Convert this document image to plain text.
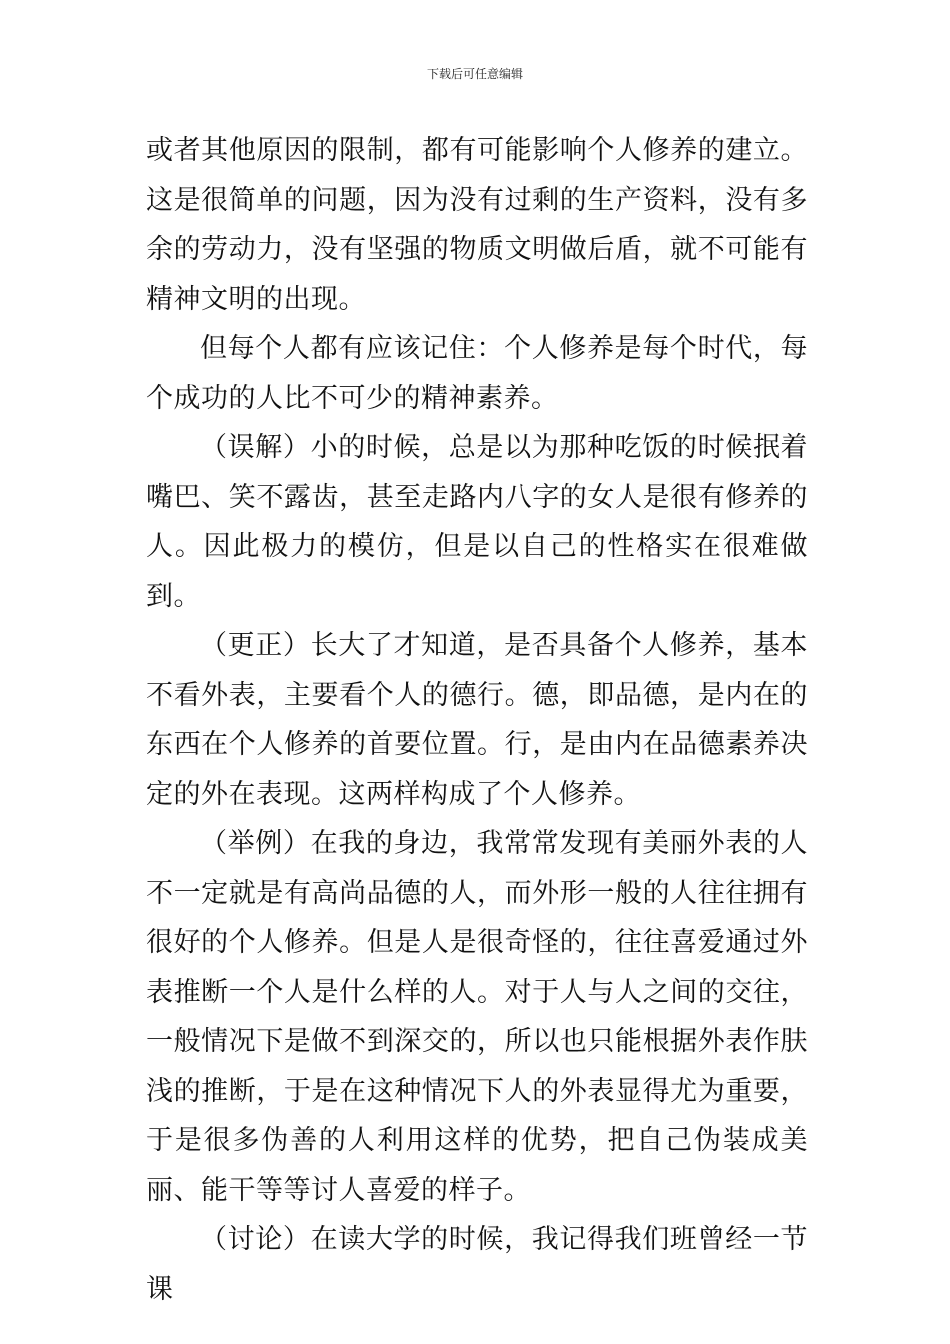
下载后可任意编辑

或者其他原因的限制，都有可能影响个人修养的建立。这是很简单的问题，因为没有过剩的生产资料，没有多余的劳动力，没有坚强的物质文明做后盾，就不可能有精神文明的出现。

但每个人都有应该记住：个人修养是每个时代，每个成功的人比不可少的精神素养。

（误解）小的时候，总是以为那种吃饭的时候抿着嘴巴、笑不露齿，甚至走路内八字的女人是很有修养的人。因此极力的模仿，但是以自己的性格实在很难做到。

（更正）长大了才知道，是否具备个人修养，基本不看外表，主要看个人的德行。德，即品德，是内在的东西在个人修养的首要位置。行，是由内在品德素养决定的外在表现。这两样构成了个人修养。

（举例）在我的身边，我常常发现有美丽外表的人不一定就是有高尚品德的人，而外形一般的人往往拥有很好的个人修养。但是人是很奇怪的，往往喜爱通过外表推断一个人是什么样的人。对于人与人之间的交往，一般情况下是做不到深交的，所以也只能根据外表作肤浅的推断，于是在这种情况下人的外表显得尤为重要，于是很多伪善的人利用这样的优势，把自己伪装成美丽、能干等等讨人喜爱的样子。

（讨论）在读大学的时候，我记得我们班曾经一节课
